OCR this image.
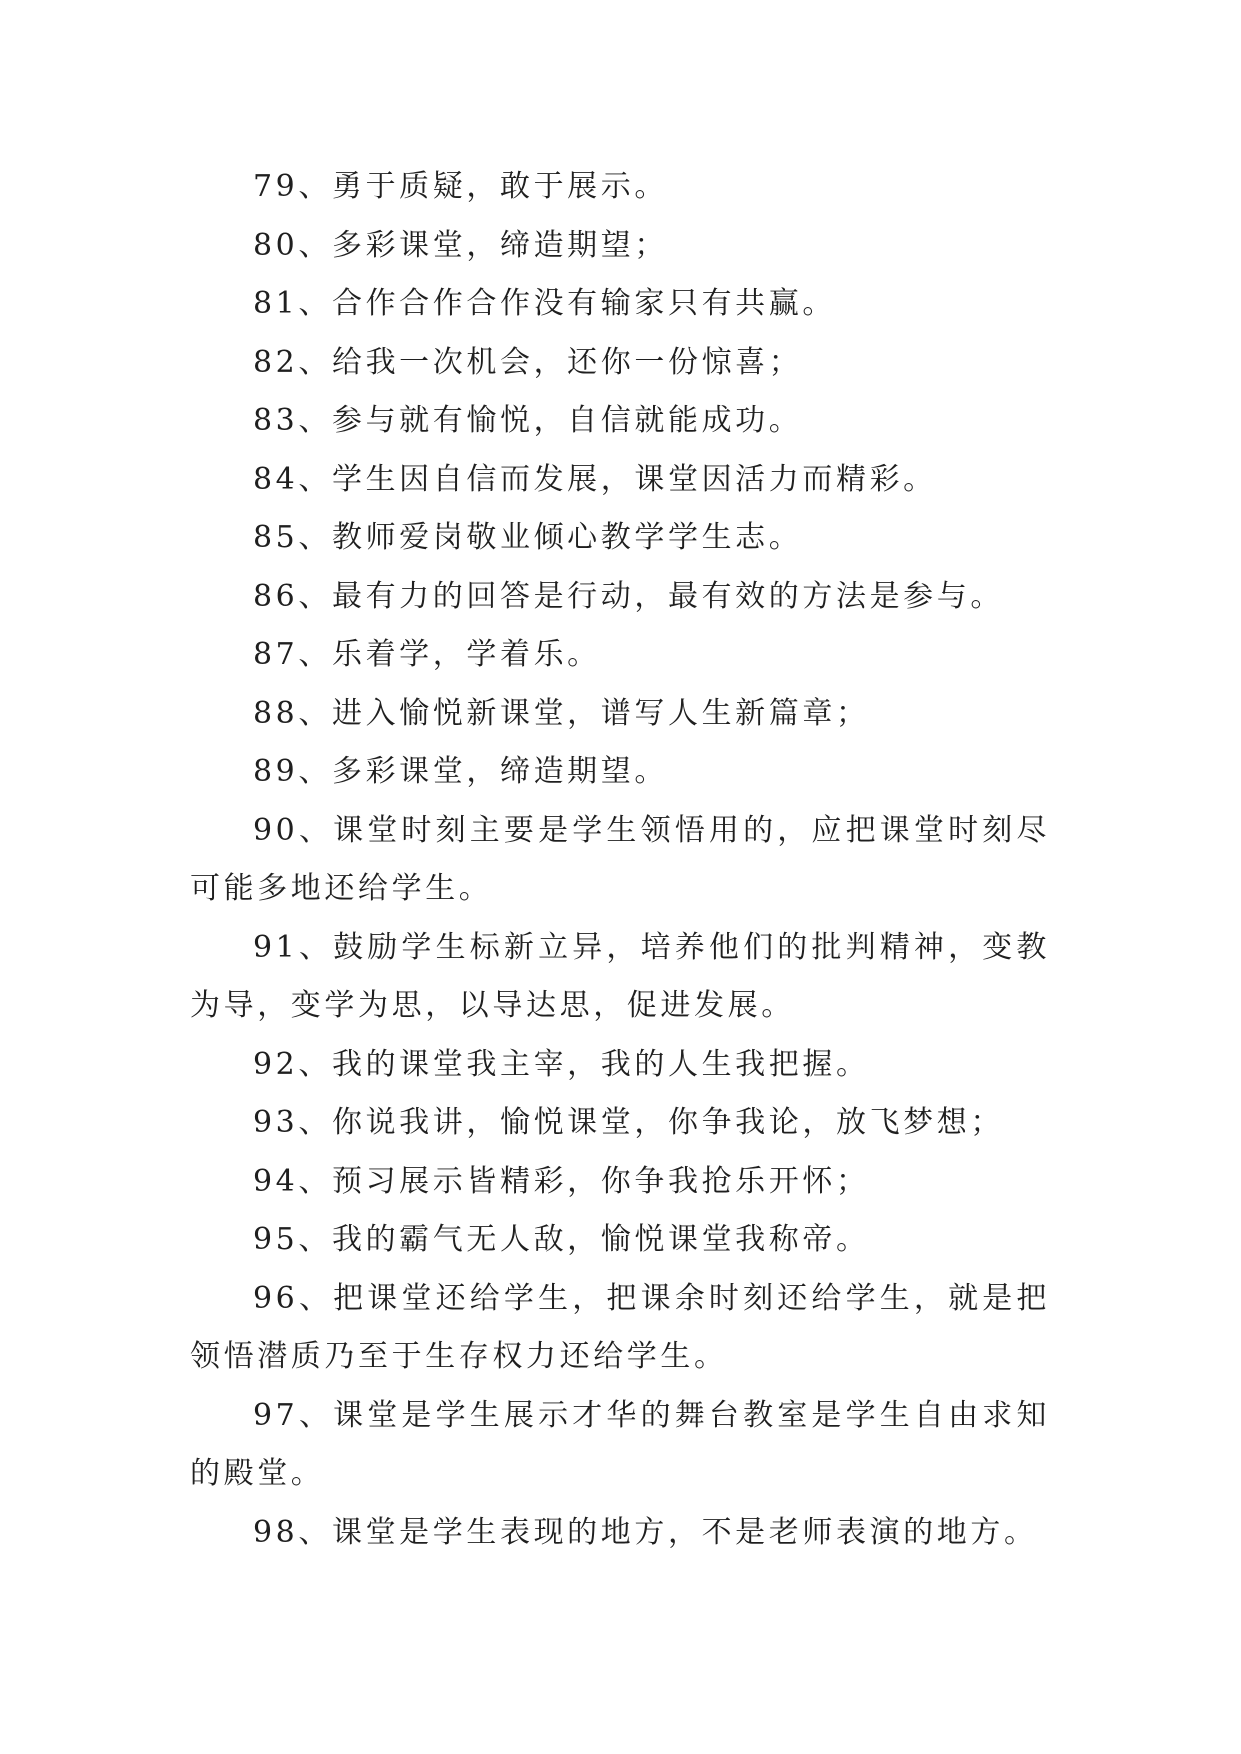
79、勇于质疑，敢于展示。

80、多彩课堂，缔造期望；

81、合作合作合作没有输家只有共赢。

82、给我一次机会，还你一份惊喜；

83、参与就有愉悦，自信就能成功。

84、学生因自信而发展，课堂因活力而精彩。

85、教师爱岗敬业倾心教学学生志。

86、最有力的回答是行动，最有效的方法是参与。

87、乐着学，学着乐。

88、进入愉悦新课堂，谱写人生新篇章；

89、多彩课堂，缔造期望。

90、课堂时刻主要是学生领悟用的，应把课堂时刻尽可能多地还给学生。

91、鼓励学生标新立异，培养他们的批判精神，变教为导，变学为思，以导达思，促进发展。

92、我的课堂我主宰，我的人生我把握。

93、你说我讲，愉悦课堂，你争我论，放飞梦想；

94、预习展示皆精彩，你争我抢乐开怀；

95、我的霸气无人敌，愉悦课堂我称帝。

96、把课堂还给学生，把课余时刻还给学生，就是把领悟潜质乃至于生存权力还给学生。

97、课堂是学生展示才华的舞台教室是学生自由求知的殿堂。

98、课堂是学生表现的地方，不是老师表演的地方。
